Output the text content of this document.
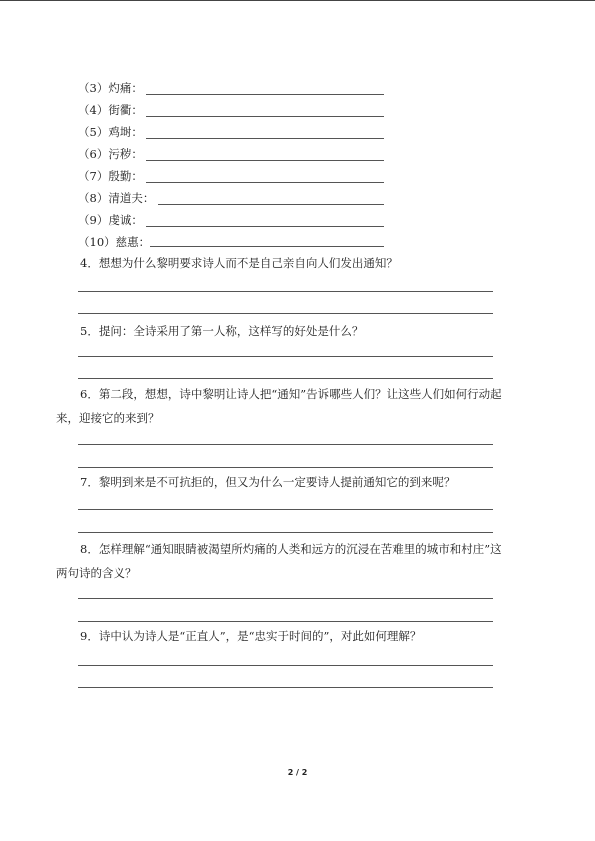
（3）灼痛：
（4）街衢：
（5）鸡埘：
（6）污秽：
（7）殷勤：
（8）清道夫：
（9）虔诚：
（10）慈惠：
4．想想为什么黎明要求诗人而不是自己亲自向人们发出通知？
5．提问：全诗采用了第一人称，这样写的好处是什么？
6．第二段，想想，诗中黎明让诗人把“通知”告诉哪些人们？让这些人们如何行动起来，迎接它的来到？
7．黎明到来是不可抗拒的，但又为什么一定要诗人提前通知它的到来呢？
8．怎样理解“通知眼睛被渴望所灼痛的人类和远方的沉浸在苦难里的城市和村庄”这两句诗的含义？
9．诗中认为诗人是“正直人”，是“忠实于时间的”，对此如何理解？
2 / 2
